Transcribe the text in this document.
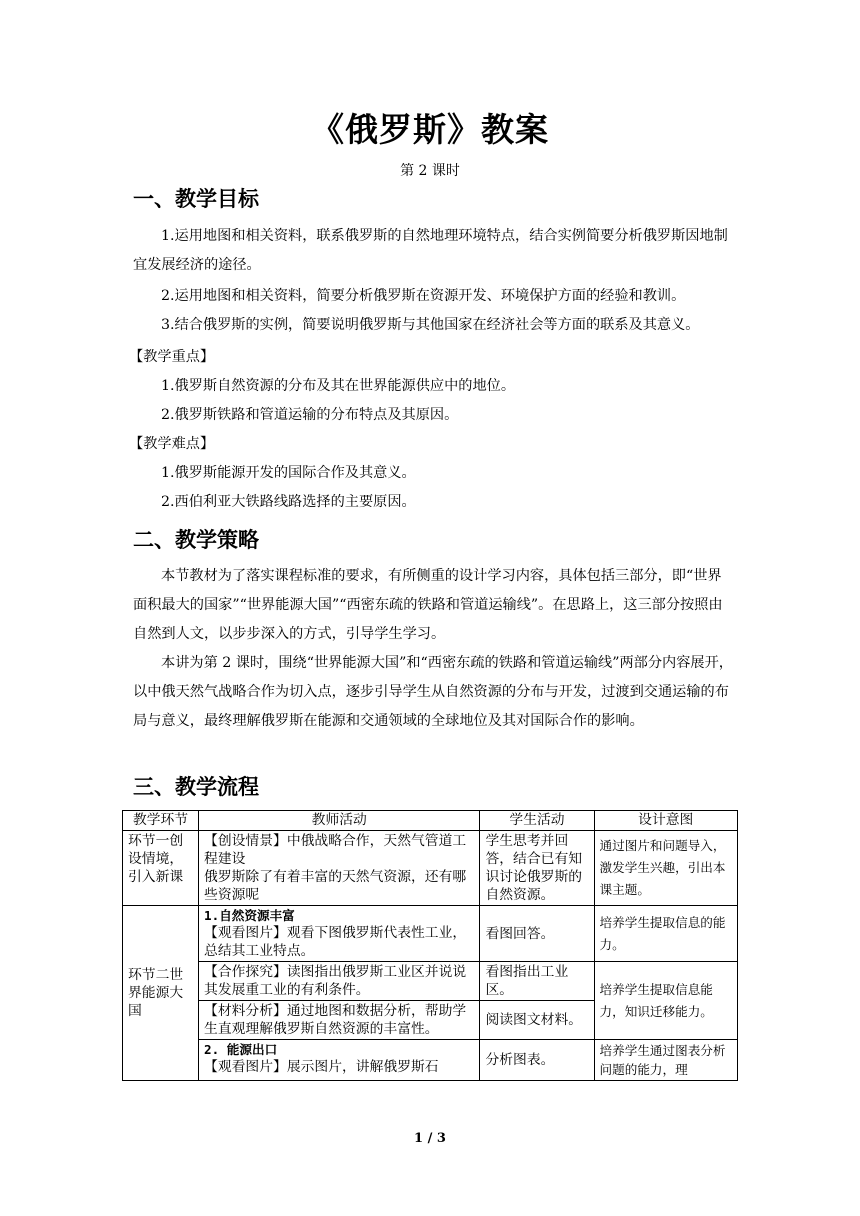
《俄罗斯》教案
第 2 课时
一、教学目标
1.运用地图和相关资料，联系俄罗斯的自然地理环境特点，结合实例简要分析俄罗斯因地制宜发展经济的途径。
2.运用地图和相关资料，简要分析俄罗斯在资源开发、环境保护方面的经验和教训。
3.结合俄罗斯的实例，简要说明俄罗斯与其他国家在经济社会等方面的联系及其意义。
【教学重点】
1.俄罗斯自然资源的分布及其在世界能源供应中的地位。
2.俄罗斯铁路和管道运输的分布特点及其原因。
【教学难点】
1.俄罗斯能源开发的国际合作及其意义。
2.西伯利亚大铁路线路选择的主要原因。
二、教学策略
本节教材为了落实课程标准的要求，有所侧重的设计学习内容，具体包括三部分，即“世界面积最大的国家”“世界能源大国”“西密东疏的铁路和管道运输线”。在思路上，这三部分按照由自然到人文，以步步深入的方式，引导学生学习。
本讲为第 2 课时，围绕“世界能源大国”和“西密东疏的铁路和管道运输线”两部分内容展开，以中俄天然气战略合作为切入点，逐步引导学生从自然资源的分布与开发，过渡到交通运输的布局与意义，最终理解俄罗斯在能源和交通领域的全球地位及其对国际合作的影响。
三、教学流程
教学环节	教师活动	学生活动	设计意图
环节一创设情境，引入新课	【创设情景】中俄战略合作，天然气管道工程建设
俄罗斯除了有着丰富的天然气资源，还有哪些资源呢	学生思考并回答，结合已有知识讨论俄罗斯的自然资源。	通过图片和问题导入，激发学生兴趣，引出本课主题。
环节二世界能源大国	1.自然资源丰富
【观看图片】观看下图俄罗斯代表性工业，总结其工业特点。	看图回答。	培养学生提取信息的能力。
	【合作探究】读图指出俄罗斯工业区并说说其发展重工业的有利条件。	看图指出工业区。	培养学生提取信息能力，知识迁移能力。
	【材料分析】通过地图和数据分析，帮助学生直观理解俄罗斯自然资源的丰富性。	阅读图文材料。	

	2. 能源出口
【观看图片】展示图片，讲解俄罗斯石	分析图表。	培养学生通过图表分析问题的能力，理
1 / 3
